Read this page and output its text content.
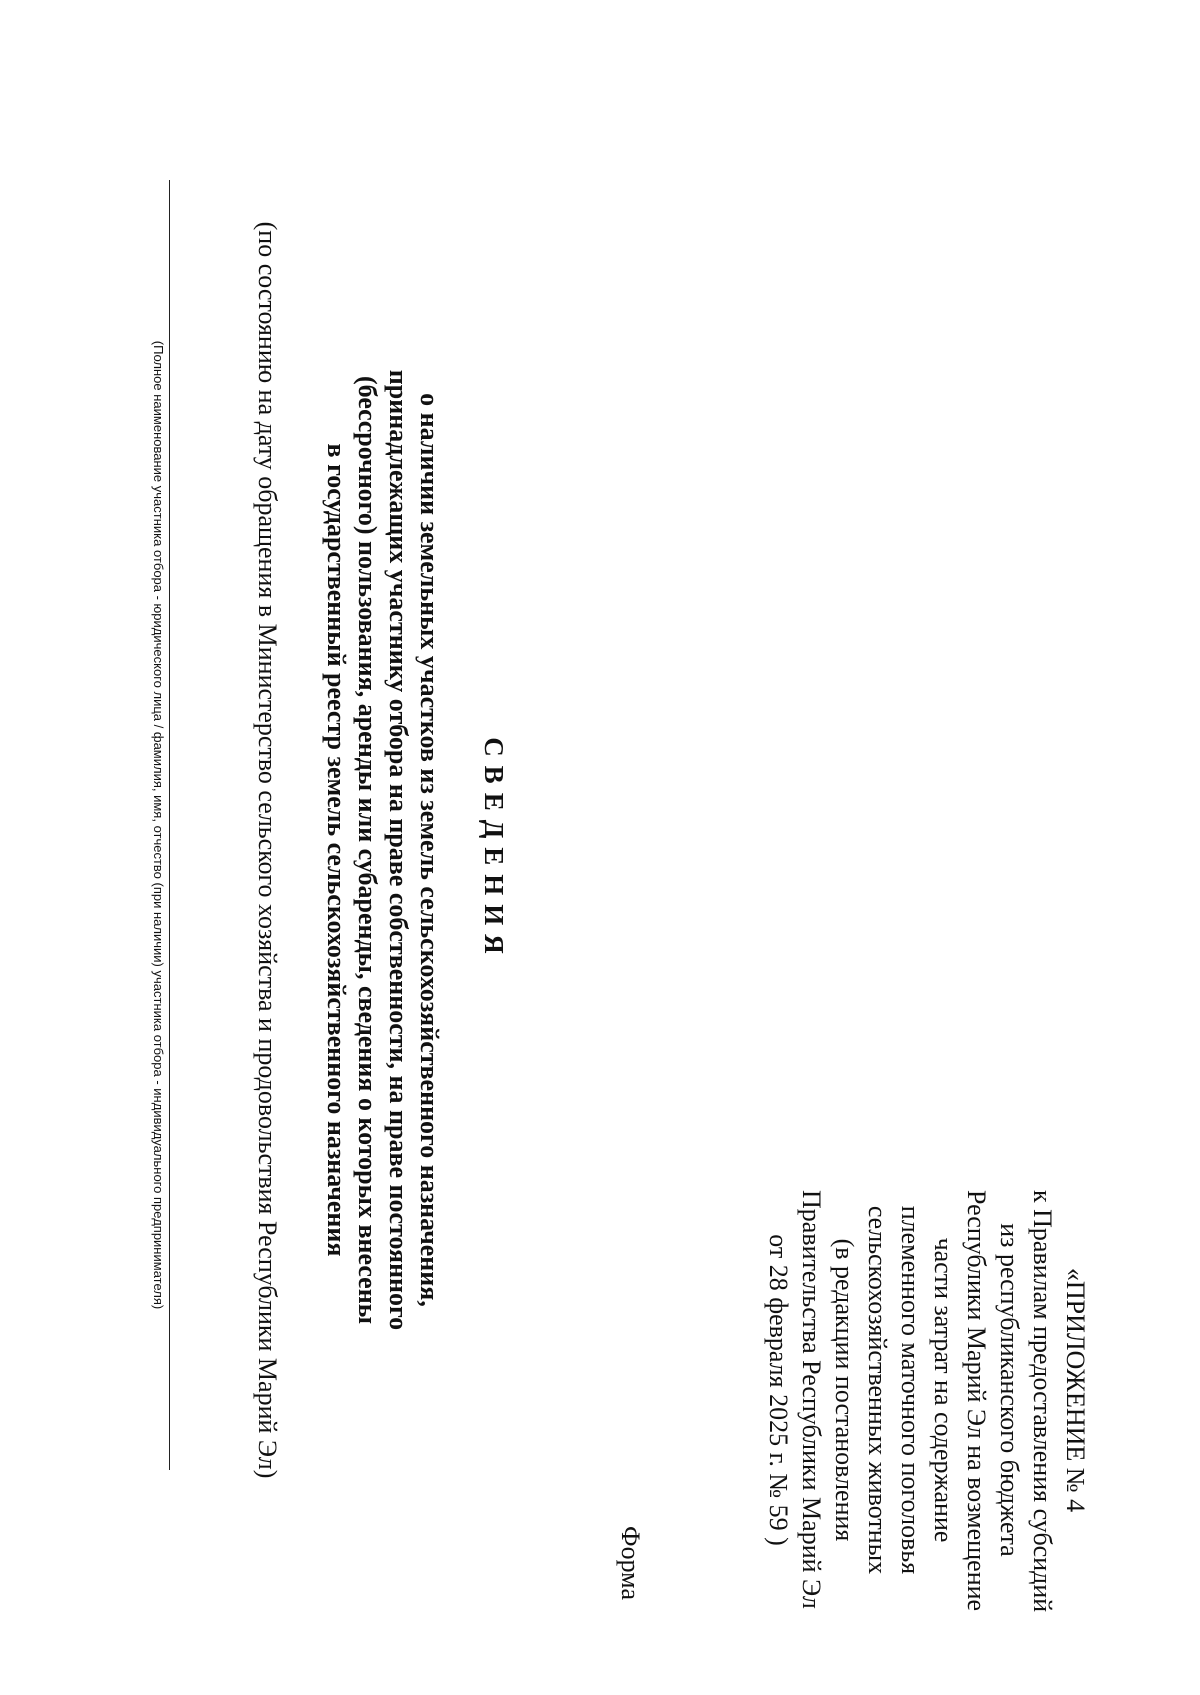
«ПРИЛОЖЕНИЕ № 4
к Правилам предоставления субсидий
из республиканского бюджета
Республики Марий Эл на возмещение
части затрат на содержание
племенного маточного поголовья
сельскохозяйственных животных
(в редакции постановления
Правительства Республики Марий Эл
от 28 февраля 2025 г. № 59 )
Форма
СВЕДЕНИЯ
о наличии земельных участков из земель сельскохозяйственного назначения,
принадлежащих участнику отбора на праве собственности, на праве постоянного
(бессрочного) пользования, аренды или субаренды, сведения о которых внесены
в государственный реестр земель сельскохозяйственного назначения
(по состоянию на дату обращения в Министерство сельского хозяйства и продовольствия Республики Марий Эл)
(Полное наименование участника отбора - юридического лица / фамилия, имя, отчество (при наличии) участника отбора - индивидуального предпринимателя)
